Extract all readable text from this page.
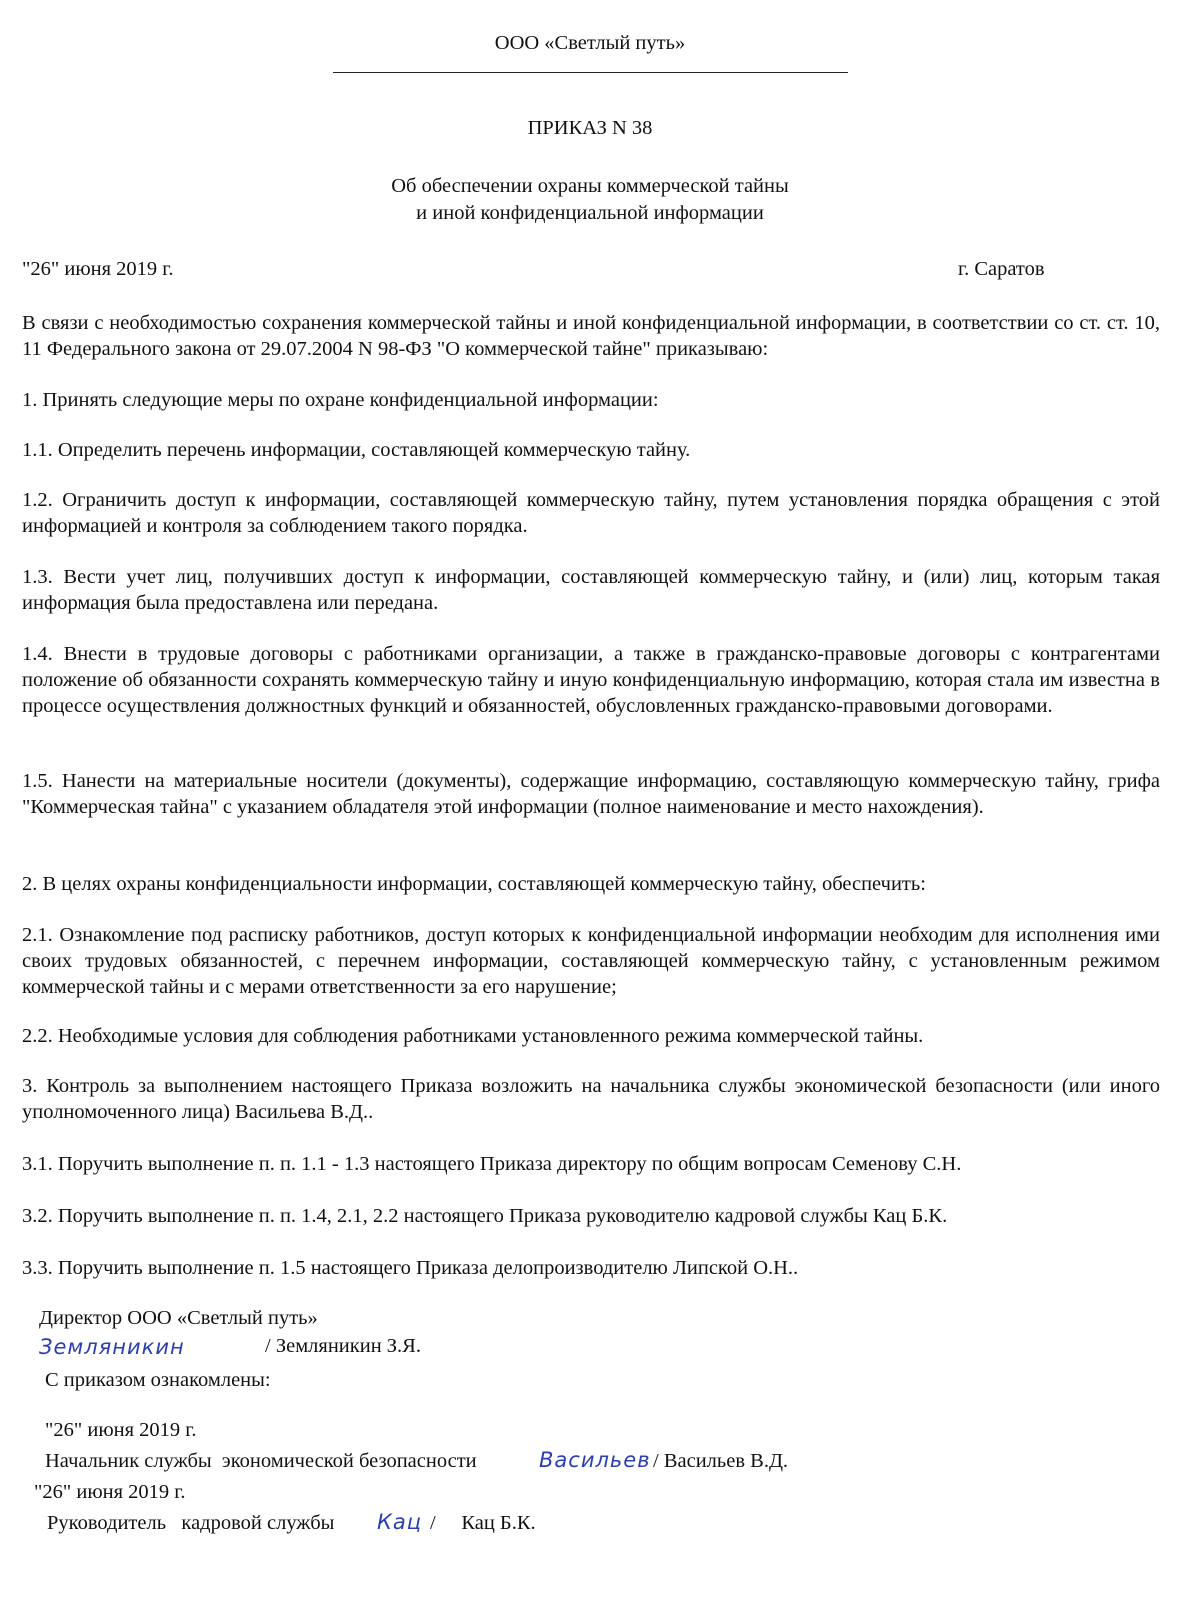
ООО «Светлый путь»
ПРИКАЗ N 38
Об обеспечении охраны коммерческой тайны
и иной конфиденциальной информации
"26" июня 2019 г.	г. Саратов
В связи с необходимостью сохранения коммерческой тайны и иной конфиденциальной информации, в соответствии со ст. ст. 10, 11 Федерального закона от 29.07.2004 N 98-ФЗ "О коммерческой тайне" приказываю:
1. Принять следующие меры по охране конфиденциальной информации:
1.1. Определить перечень информации, составляющей коммерческую тайну.
1.2. Ограничить доступ к информации, составляющей коммерческую тайну, путем установления порядка обращения с этой информацией и контроля за соблюдением такого порядка.
1.3. Вести учет лиц, получивших доступ к информации, составляющей коммерческую тайну, и (или) лиц, которым такая информация была предоставлена или передана.
1.4. Внести в трудовые договоры с работниками организации, а также в гражданско-правовые договоры с контрагентами положение об обязанности сохранять коммерческую тайну и иную конфиденциальную информацию, которая стала им известна в процессе осуществления должностных функций и обязанностей, обусловленных гражданско-правовыми договорами.
1.5. Нанести на материальные носители (документы), содержащие информацию, составляющую коммерческую тайну, грифа "Коммерческая тайна" с указанием обладателя этой информации (полное наименование и место нахождения).
2. В целях охраны конфиденциальности информации, составляющей коммерческую тайну, обеспечить:
2.1. Ознакомление под расписку работников, доступ которых к конфиденциальной информации необходим для исполнения ими своих трудовых обязанностей, с перечнем информации, составляющей коммерческую тайну, с установленным режимом коммерческой тайны и с мерами ответственности за его нарушение;
2.2. Необходимые условия для соблюдения работниками установленного режима коммерческой тайны.
3. Контроль за выполнением настоящего Приказа возложить на начальника службы экономической безопасности (или иного уполномоченного лица) Васильева В.Д..
3.1. Поручить выполнение п. п. 1.1 - 1.3 настоящего Приказа директору по общим вопросам Семенову С.Н.
3.2. Поручить выполнение п. п. 1.4, 2.1, 2.2 настоящего Приказа руководителю кадровой службы Кац Б.К.
3.3. Поручить выполнение п. 1.5 настоящего Приказа делопроизводителю Липской О.Н..
Директор ООО «Светлый путь»
Земляникин	/ Земляникин З.Я.
С приказом ознакомлены:
"26" июня 2019 г.
Начальник службы  экономической безопасности	Васильев / Васильев В.Д.
"26" июня 2019 г.
Руководитель   кадровой службы Кац /     Кац Б.К.
